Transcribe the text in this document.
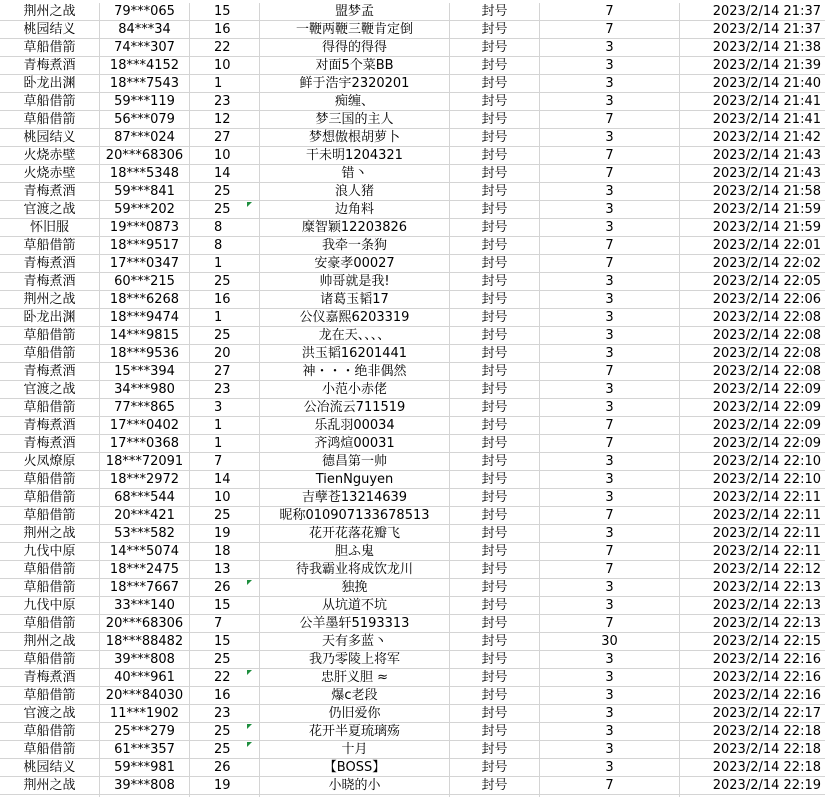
荆州之战	79***065	15	盟梦孟	封号	7	2023/2/14 21:37
桃园结义	84***34	16	一鞭两鞭三鞭肯定倒	封号	7	2023/2/14 21:37
草船借箭	74***307	22	得得的得得	封号	3	2023/2/14 21:38
青梅煮酒	18***4152	10	对面5个菜BB	封号	3	2023/2/14 21:39
卧龙出渊	18***7543	1	鲜于浩宇2320201	封号	3	2023/2/14 21:40
草船借箭	59***119	23	痴缠、	封号	3	2023/2/14 21:41
草船借箭	56***079	12	梦三国的主人	封号	7	2023/2/14 21:41
桃园结义	87***024	27	梦想傲根胡萝卜	封号	3	2023/2/14 21:42
火烧赤壁	20***68306	10	干未明1204321	封号	7	2023/2/14 21:43
火烧赤壁	18***5348	14	错丶	封号	7	2023/2/14 21:43
青梅煮酒	59***841	25	浪人猪	封号	3	2023/2/14 21:58
官渡之战	59***202	25	边角料	封号	3	2023/2/14 21:59
怀旧服	19***0873	8	糜智颖12203826	封号	3	2023/2/14 21:59
草船借箭	18***9517	8	我牵一条狗	封号	7	2023/2/14 22:01
青梅煮酒	17***0347	1	安豪孝00027	封号	7	2023/2/14 22:02
青梅煮酒	60***215	25	帅哥就是我!	封号	3	2023/2/14 22:05
荆州之战	18***6268	16	诸葛玉韬17	封号	3	2023/2/14 22:06
卧龙出渊	18***9474	1	公仪嘉熙6203319	封号	3	2023/2/14 22:08
草船借箭	14***9815	25	龙在天、、、、	封号	3	2023/2/14 22:08
草船借箭	18***9536	20	洪玉韬16201441	封号	3	2023/2/14 22:08
青梅煮酒	15***394	27	神・・・绝非偶然	封号	7	2023/2/14 22:08
官渡之战	34***980	23	小范小赤佬	封号	3	2023/2/14 22:09
草船借箭	77***865	3	公冶流云711519	封号	3	2023/2/14 22:09
青梅煮酒	17***0402	1	乐乱羽00034	封号	7	2023/2/14 22:09
青梅煮酒	17***0368	1	齐鸿煊00031	封号	7	2023/2/14 22:09
火凤燎原	18***72091	7	德昌第一帅	封号	3	2023/2/14 22:10
草船借箭	18***2972	14	TienNguyen	封号	3	2023/2/14 22:10
草船借箭	68***544	10	吉孽苍13214639	封号	3	2023/2/14 22:11
草船借箭	20***421	25	昵称010907133678513	封号	7	2023/2/14 22:11
荆州之战	53***582	19	花开花落花瓣飞	封号	3	2023/2/14 22:11
九伐中原	14***5074	18	胆ふ鬼	封号	7	2023/2/14 22:11
草船借箭	18***2475	13	待我霸业将成饮龙川	封号	7	2023/2/14 22:12
草船借箭	18***7667	26	独挽	封号	3	2023/2/14 22:13
九伐中原	33***140	15	从坑道不坑	封号	3	2023/2/14 22:13
草船借箭	20***68306	7	公羊墨轩5193313	封号	7	2023/2/14 22:13
荆州之战	18***88482	15	天有多蓝丶	封号	30	2023/2/14 22:15
草船借箭	39***808	25	我乃零陵上将军	封号	3	2023/2/14 22:16
青梅煮酒	40***961	22	忠肝义胆 ≈	封号	3	2023/2/14 22:16
草船借箭	20***84030	16	爆c老段	封号	3	2023/2/14 22:16
官渡之战	11***1902	23	仍旧爱你	封号	3	2023/2/14 22:17
草船借箭	25***279	25	花开半夏琉璃殇	封号	3	2023/2/14 22:18
草船借箭	61***357	25	十月	封号	3	2023/2/14 22:18
桃园结义	59***981	26	【BOSS】	封号	3	2023/2/14 22:18
荆州之战	39***808	19	小晓的小	封号	7	2023/2/14 22:19
